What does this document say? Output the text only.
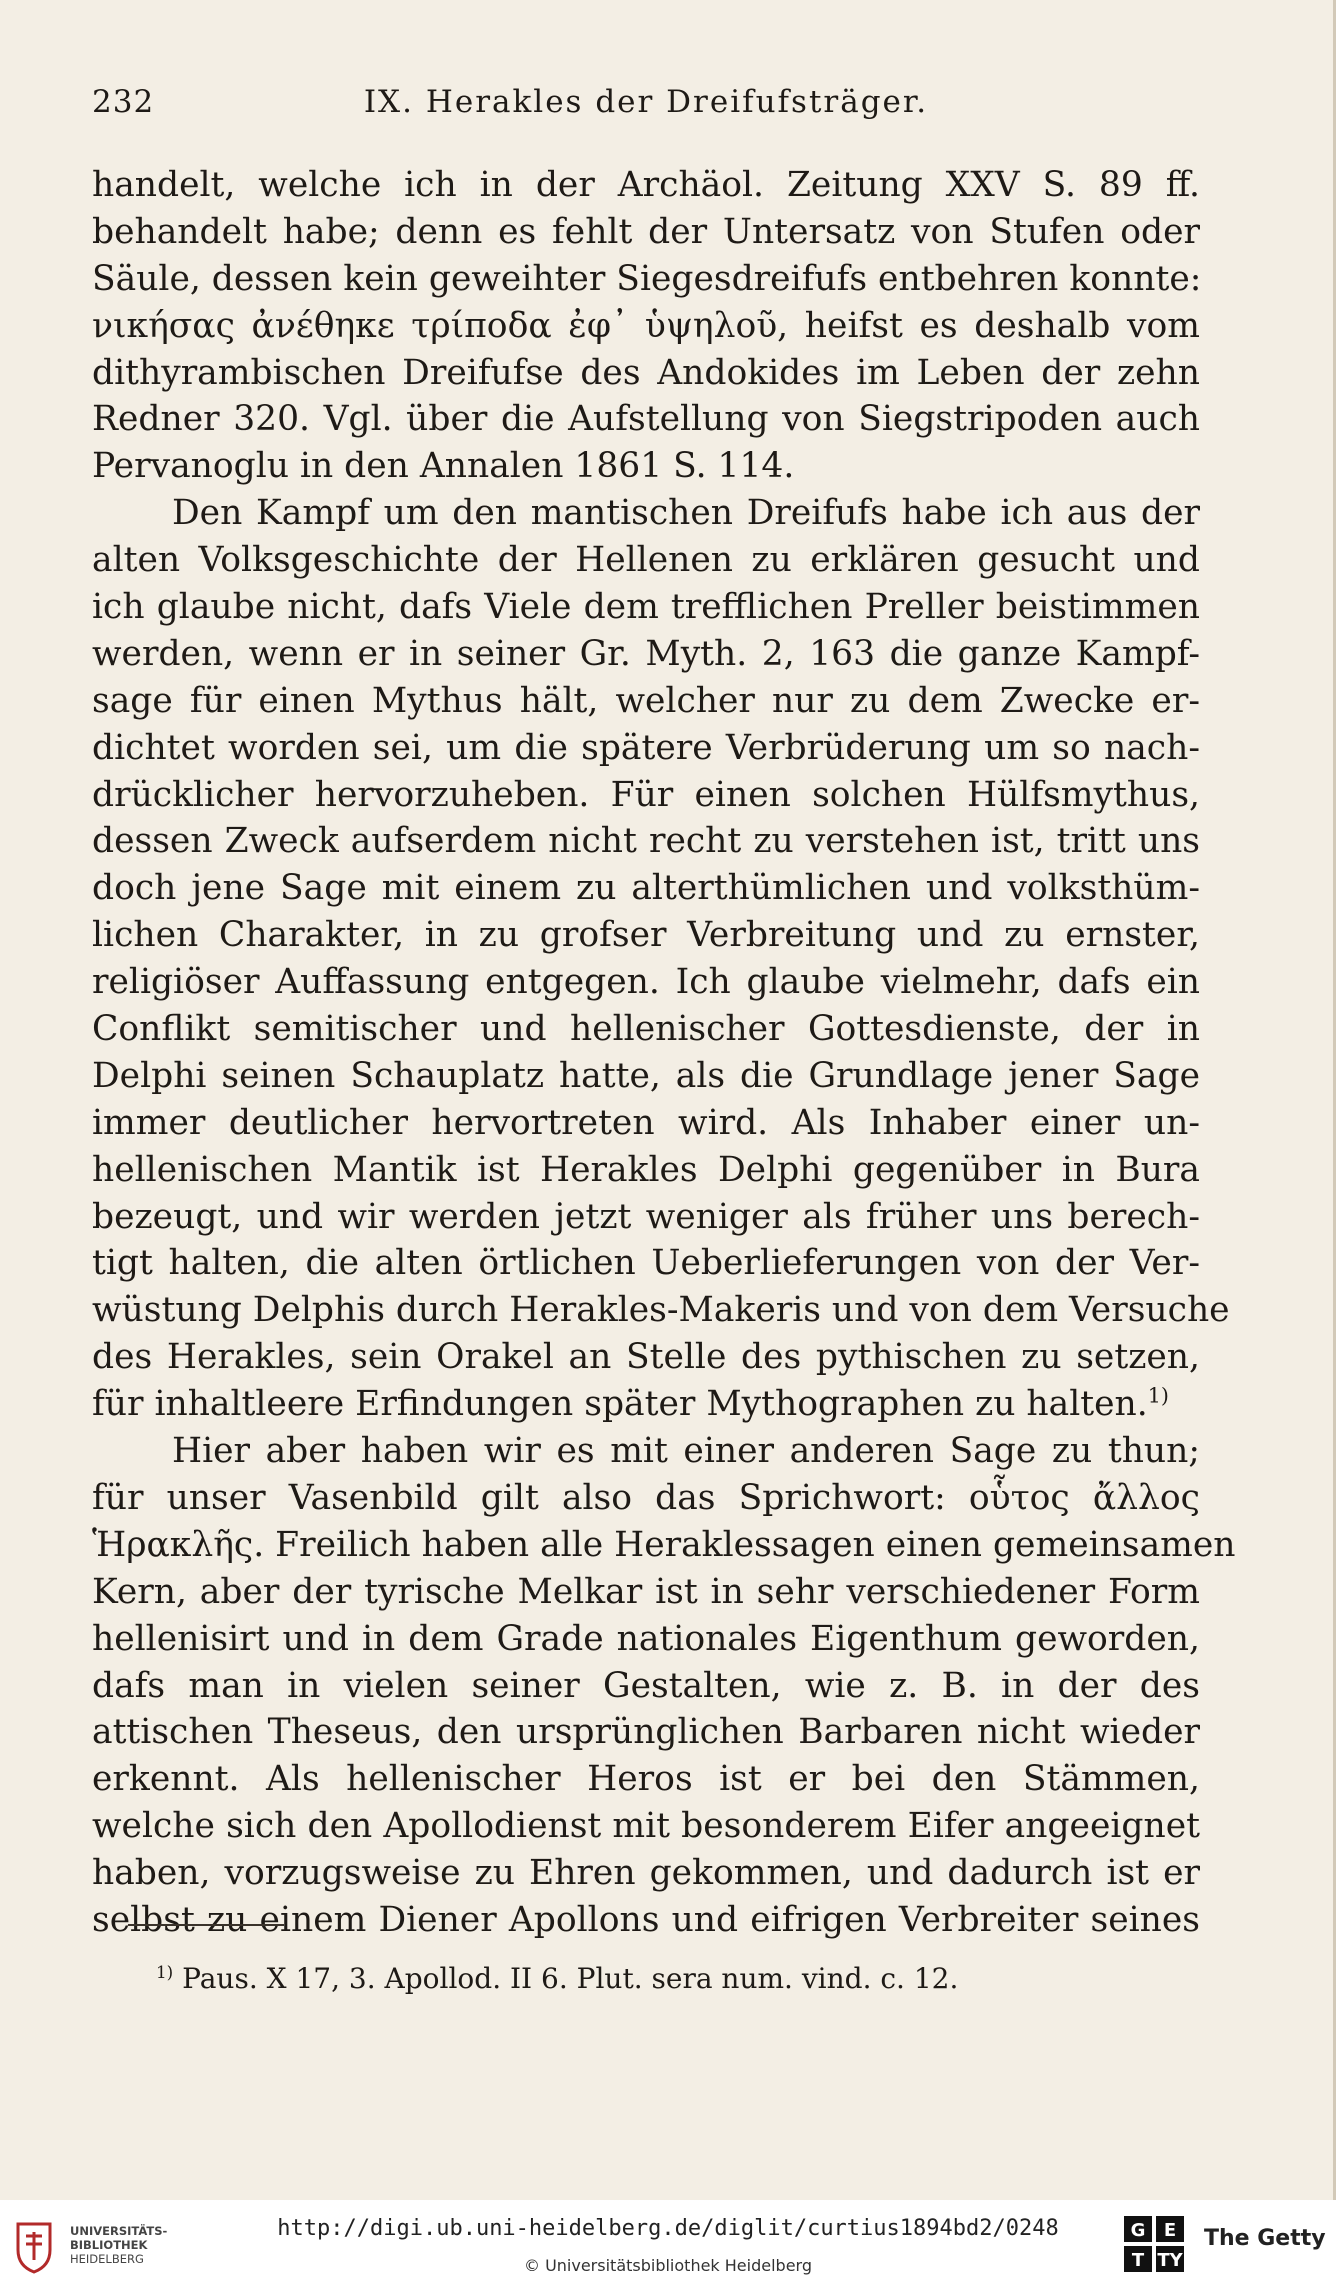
232	IX. Herakles der Dreifufsträger.
handelt, welche ich in der Archäol. Zeitung XXV S. 89 ff.
behandelt habe; denn es fehlt der Untersatz von Stufen oder
Säule, dessen kein geweihter Siegesdreifufs entbehren konnte:
νικήσας ἀνέθηκε τρίποδα ἐφ᾽ ὑψηλοῦ, heifst es deshalb vom
dithyrambischen Dreifufse des Andokides im Leben der zehn
Redner 320. Vgl. über die Aufstellung von Siegstripoden auch
Pervanoglu in den Annalen 1861 S. 114.
Den Kampf um den mantischen Dreifufs habe ich aus der
alten Volksgeschichte der Hellenen zu erklären gesucht und
ich glaube nicht, dafs Viele dem trefflichen Preller beistimmen
werden, wenn er in seiner Gr. Myth. 2, 163 die ganze Kampf-
sage für einen Mythus hält, welcher nur zu dem Zwecke er-
dichtet worden sei, um die spätere Verbrüderung um so nach-
drücklicher hervorzuheben. Für einen solchen Hülfsmythus,
dessen Zweck aufserdem nicht recht zu verstehen ist, tritt uns
doch jene Sage mit einem zu alterthümlichen und volksthüm-
lichen Charakter, in zu grofser Verbreitung und zu ernster,
religiöser Auffassung entgegen. Ich glaube vielmehr, dafs ein
Conflikt semitischer und hellenischer Gottesdienste, der in
Delphi seinen Schauplatz hatte, als die Grundlage jener Sage
immer deutlicher hervortreten wird. Als Inhaber einer un-
hellenischen Mantik ist Herakles Delphi gegenüber in Bura
bezeugt, und wir werden jetzt weniger als früher uns berech-
tigt halten, die alten örtlichen Ueberlieferungen von der Ver-
wüstung Delphis durch Herakles-Makeris und von dem Versuche
des Herakles, sein Orakel an Stelle des pythischen zu setzen,
für inhaltleere Erfindungen später Mythographen zu halten.$^{1)}$
Hier aber haben wir es mit einer anderen Sage zu thun;
für unser Vasenbild gilt also das Sprichwort: οὗτος ἄλλος
Ἡρακλῆς. Freilich haben alle Heraklessagen einen gemeinsamen
Kern, aber der tyrische Melkar ist in sehr verschiedener Form
hellenisirt und in dem Grade nationales Eigenthum geworden,
dafs man in vielen seiner Gestalten, wie z. B. in der des
attischen Theseus, den ursprünglichen Barbaren nicht wieder
erkennt. Als hellenischer Heros ist er bei den Stämmen,
welche sich den Apollodienst mit besonderem Eifer angeeignet
haben, vorzugsweise zu Ehren gekommen, und dadurch ist er
selbst zu einem Diener Apollons und eifrigen Verbreiter seines
$^{1)}$ Paus. X 17, 3. Apollod. II 6. Plut. sera num. vind. c. 12.
UNIVERSITÄTS-
BIBLIOTHEK
HEIDELBERG
http://digi.ub.uni-heidelberg.de/diglit/curtius1894bd2/0248
© Universitätsbibliothek Heidelberg
G E
T TY
The Getty
